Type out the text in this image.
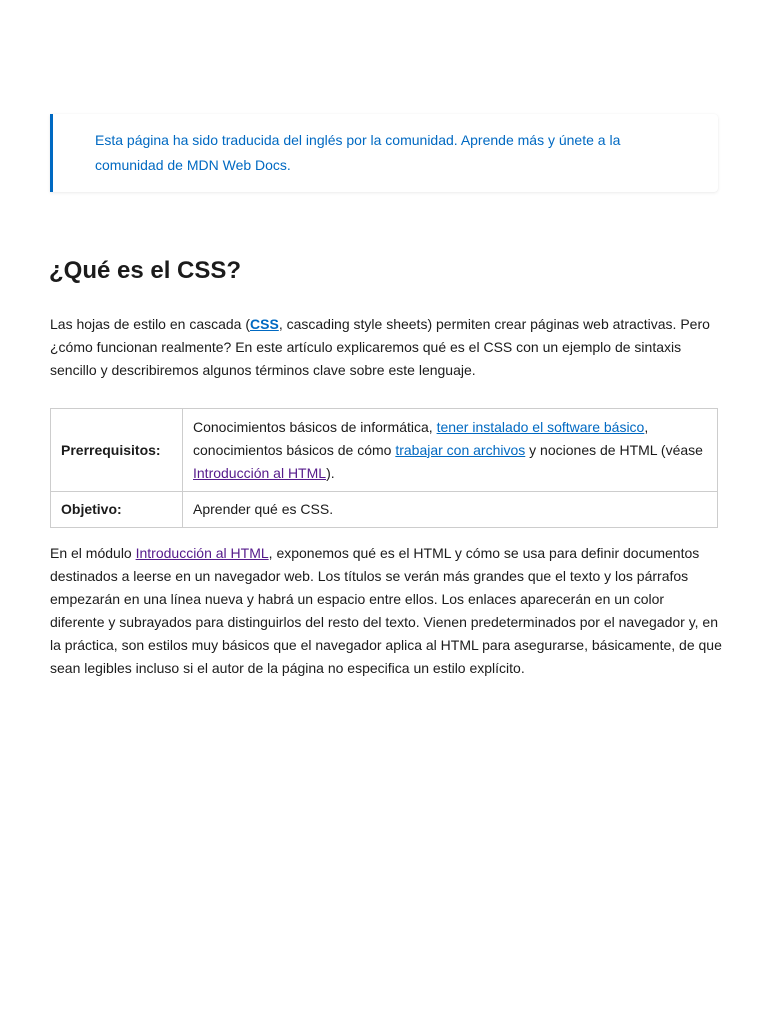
Esta página ha sido traducida del inglés por la comunidad. Aprende más y únete a la comunidad de MDN Web Docs.
¿Qué es el CSS?

Las hojas de estilo en cascada (CSS, cascading style sheets) permiten crear páginas web atractivas. Pero ¿cómo funcionan realmente? En este artículo explicaremos qué es el CSS con un ejemplo de sintaxis sencillo y describiremos algunos términos clave sobre este lenguaje.

Prerrequisitos:	Conocimientos básicos de informática, tener instalado el software básico, conocimientos básicos de cómo trabajar con archivos y nociones de HTML (véase Introducción al HTML).
Objetivo:	Aprender qué es CSS.

En el módulo Introducción al HTML, exponemos qué es el HTML y cómo se usa para definir documentos destinados a leerse en un navegador web. Los títulos se verán más grandes que el texto y los párrafos empezarán en una línea nueva y habrá un espacio entre ellos. Los enlaces aparecerán en un color diferente y subrayados para distinguirlos del resto del texto. Vienen predeterminados por el navegador y, en la práctica, son estilos muy básicos que el navegador aplica al HTML para asegurarse, básicamente, de que sean legibles incluso si el autor de la página no especifica un estilo explícito.
